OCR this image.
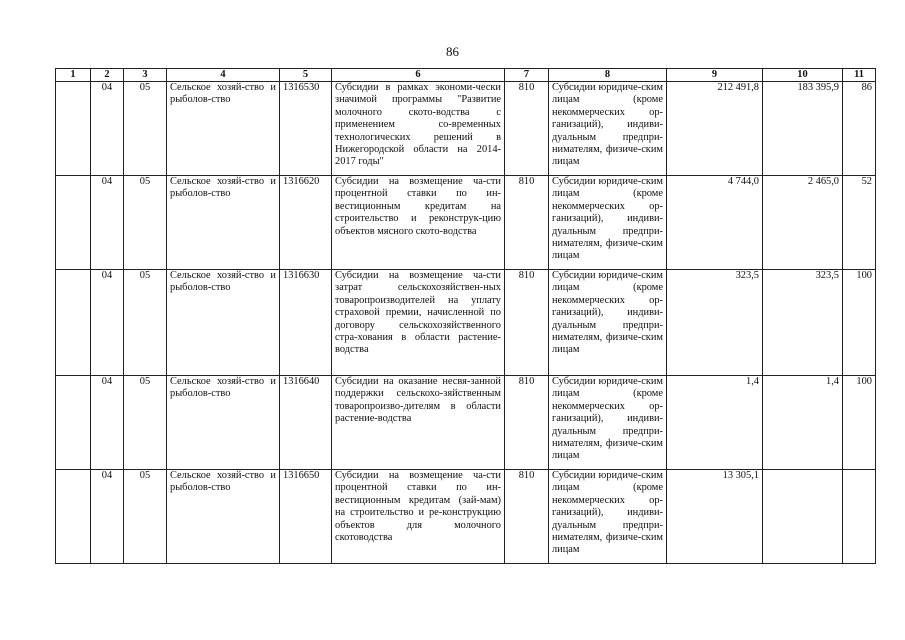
86
1	2	3	4	5	6	7	8	9	10	11
	04	05	Сельское хозяй-ство и рыболов-ство	1316530	Субсидии в рамках экономи-чески значимой программы "Развитие молочного ското-водства с применением со-временных технологических решений в Нижегородской области на 2014-2017 годы"	810	Субсидии юридиче-ским лицам (кроме некоммерческих ор-ганизаций), индиви-дуальным предпри-нимателям, физиче-ским лицам	212 491,8	183 395,9	86
	04	05	Сельское хозяй-ство и рыболов-ство	1316620	Субсидии на возмещение ча-сти процентной ставки по ин-вестиционным кредитам на строительство и реконструк-цию объектов мясного ското-водства	810	Субсидии юридиче-ским лицам (кроме некоммерческих ор-ганизаций), индиви-дуальным предпри-нимателям, физиче-ским лицам	4 744,0	2 465,0	52
	04	05	Сельское хозяй-ство и рыболов-ство	1316630	Субсидии на возмещение ча-сти затрат сельскохозяйствен-ных товаропроизводителей на уплату страховой премии, начисленной по договору сельскохозяйственного стра-хования в области растение-водства	810	Субсидии юридиче-ским лицам (кроме некоммерческих ор-ганизаций), индиви-дуальным предпри-нимателям, физиче-ским лицам	323,5	323,5	100
	04	05	Сельское хозяй-ство и рыболов-ство	1316640	Субсидии на оказание несвя-занной поддержки сельскохо-зяйственным товаропроизво-дителям в области растение-водства	810	Субсидии юридиче-ским лицам (кроме некоммерческих ор-ганизаций), индиви-дуальным предпри-нимателям, физиче-ским лицам	1,4	1,4	100
	04	05	Сельское хозяй-ство и рыболов-ство	1316650	Субсидии на возмещение ча-сти процентной ставки по ин-вестиционным кредитам (зай-мам) на строительство и ре-конструкцию объектов для молочного скотоводства	810	Субсидии юридиче-ским лицам (кроме некоммерческих ор-ганизаций), индиви-дуальным предпри-нимателям, физиче-ским лицам	13 305,1		
